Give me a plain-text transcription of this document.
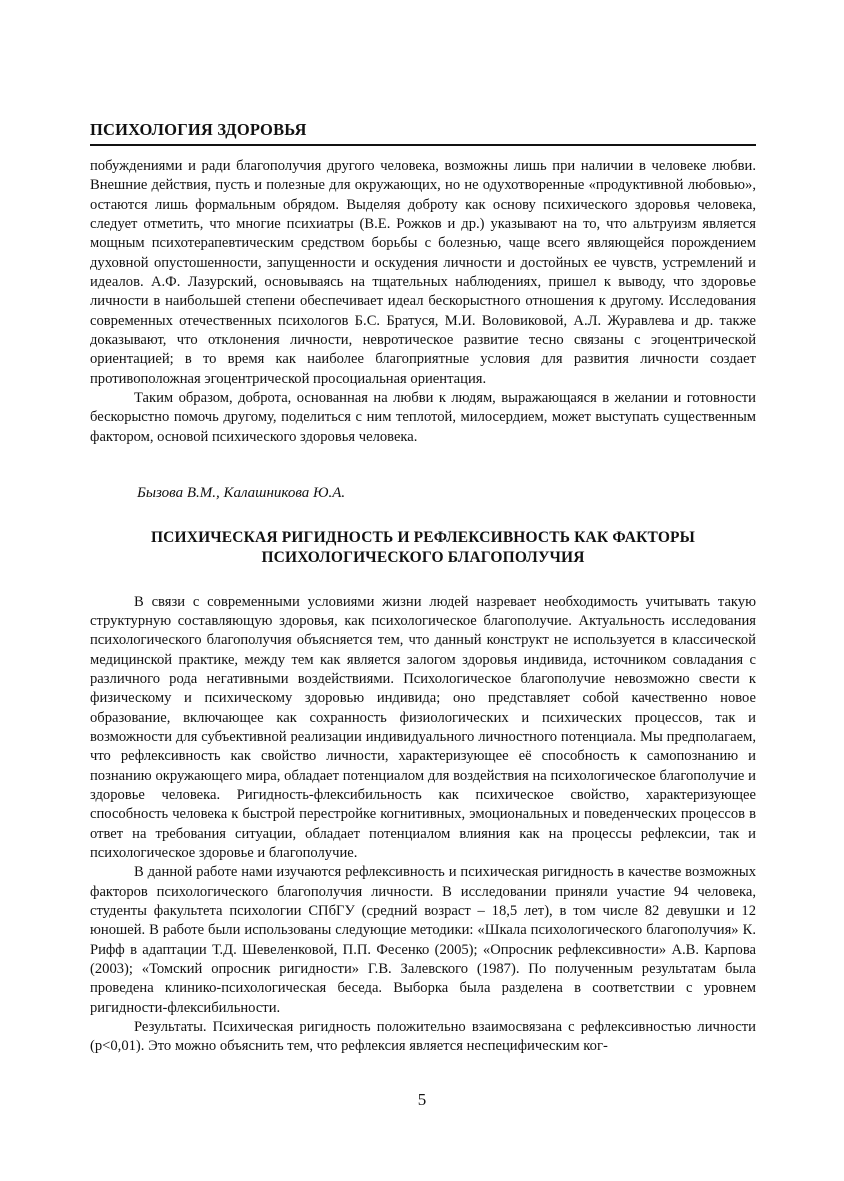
ПСИХОЛОГИЯ ЗДОРОВЬЯ

побуждениями и ради благополучия другого человека, возможны лишь при наличии в человеке любви. Внешние действия, пусть и полезные для окружающих, но не одухотворенные «продуктивной любовью», остаются лишь формальным обрядом. Выделяя доброту как основу психического здоровья человека, следует отметить, что многие психиатры (В.Е. Рожков и др.) указывают на то, что альтруизм является мощным психотерапевтическим средством борьбы с болезнью, чаще всего являющейся порождением духовной опустошенности, запущенности и оскудения личности и достойных ее чувств, устремлений и идеалов. А.Ф. Лазурский, основываясь на тщательных наблюдениях, пришел к выводу, что здоровье личности в наибольшей степени обеспечивает идеал бескорыстного отношения к другому. Исследования современных отечественных психологов Б.С. Братуся, М.И. Воловиковой, А.Л. Журавлева и др. также доказывают, что отклонения личности, невротическое развитие тесно связаны с эгоцентрической ориентацией; в то время как наиболее благоприятные условия для развития личности создает противоположная эгоцентрической просоциальная ориентация.

Таким образом, доброта, основанная на любви к людям, выражающаяся в желании и готовности бескорыстно помочь другому, поделиться с ним теплотой, милосердием, может выступать существенным фактором, основой психического здоровья человека.

Бызова В.М., Калашникова Ю.А.
ПСИХИЧЕСКАЯ РИГИДНОСТЬ И РЕФЛЕКСИВНОСТЬ КАК ФАКТОРЫ
ПСИХОЛОГИЧЕСКОГО БЛАГОПОЛУЧИЯ

В связи с современными условиями жизни людей назревает необходимость учитывать такую структурную составляющую здоровья, как психологическое благополучие. Актуальность исследования психологического благополучия объясняется тем, что данный конструкт не используется в классической медицинской практике, между тем как является залогом здоровья индивида, источником совладания с различного рода негативными воздействиями. Психологическое благополучие невозможно свести к физическому и психическому здоровью индивида; оно представляет собой качественно новое образование, включающее как сохранность физиологических и психических процессов, так и возможности для субъективной реализации индивидуального личностного потенциала. Мы предполагаем, что рефлексивность как свойство личности, характеризующее её способность к самопознанию и познанию окружающего мира, обладает потенциалом для воздействия на психологическое благополучие и здоровье человека. Ригидность-флексибильность как психическое свойство, характеризующее способность человека к быстрой перестройке когнитивных, эмоциональных и поведенческих процессов в ответ на требования ситуации, обладает потенциалом влияния как на процессы рефлексии, так и психологическое здоровье и благополучие.

В данной работе нами изучаются рефлексивность и психическая ригидность в качестве возможных факторов психологического благополучия личности. В исследовании приняли участие 94 человека, студенты факультета психологии СПбГУ (средний возраст – 18,5 лет), в том числе 82 девушки и 12 юношей. В работе были использованы следующие методики: «Шкала психологического благополучия» К. Рифф в адаптации Т.Д. Шевеленковой, П.П. Фесенко (2005); «Опросник рефлексивности» А.В. Карпова (2003); «Томский опросник ригидности» Г.В. Залевского (1987). По полученным результатам была проведена клинико-психологическая беседа. Выборка была разделена в соответствии с уровнем ригидности-флексибильности.

Результаты. Психическая ригидность положительно взаимосвязана с рефлексивностью личности (p<0,01). Это можно объяснить тем, что рефлексия является неспецифическим ког-

5
